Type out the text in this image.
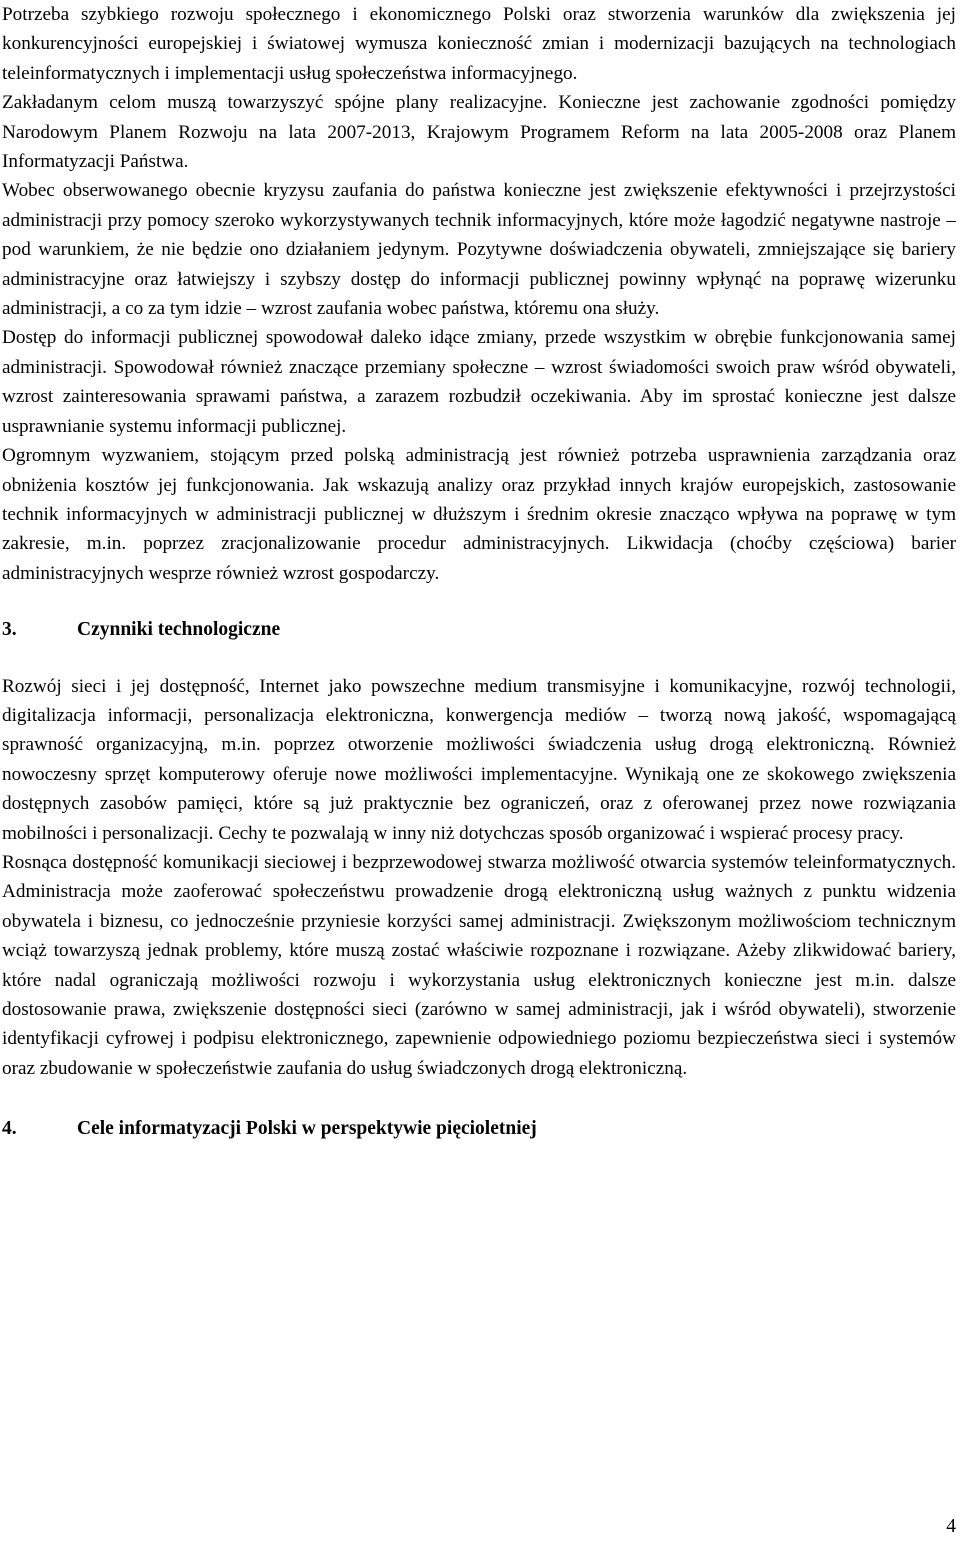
Potrzeba szybkiego rozwoju społecznego i ekonomicznego Polski oraz stworzenia warunków dla zwiększenia jej konkurencyjności europejskiej i światowej wymusza konieczność zmian i modernizacji bazujących na technologiach teleinformatycznych i implementacji usług społeczeństwa informacyjnego.

Zakładanym celom muszą towarzyszyć spójne plany realizacyjne. Konieczne jest zachowanie zgodności pomiędzy Narodowym Planem Rozwoju na lata 2007-2013, Krajowym Programem Reform na lata 2005-2008 oraz Planem Informatyzacji Państwa.

Wobec obserwowanego obecnie kryzysu zaufania do państwa konieczne jest zwiększenie efektywności i przejrzystości administracji przy pomocy szeroko wykorzystywanych technik informacyjnych, które może łagodzić negatywne nastroje – pod warunkiem, że nie będzie ono działaniem jedynym. Pozytywne doświadczenia obywateli, zmniejszające się bariery administracyjne oraz łatwiejszy i szybszy dostęp do informacji publicznej powinny wpłynąć na poprawę wizerunku administracji, a co za tym idzie – wzrost zaufania wobec państwa, któremu ona służy.

Dostęp do informacji publicznej spowodował daleko idące zmiany, przede wszystkim w obrębie funkcjonowania samej administracji. Spowodował również znaczące przemiany społeczne – wzrost świadomości swoich praw wśród obywateli, wzrost zainteresowania sprawami państwa, a zarazem rozbudził oczekiwania. Aby im sprostać konieczne jest dalsze usprawnianie systemu informacji publicznej.

Ogromnym wyzwaniem, stojącym przed polską administracją jest również potrzeba usprawnienia zarządzania oraz obniżenia kosztów jej funkcjonowania. Jak wskazują analizy oraz przykład innych krajów europejskich, zastosowanie technik informacyjnych w administracji publicznej w dłuższym i średnim okresie znacząco wpływa na poprawę w tym zakresie, m.in. poprzez zracjonalizowanie procedur administracyjnych. Likwidacja (choćby częściowa) barier administracyjnych wesprze również wzrost gospodarczy.

3.	Czynniki technologiczne

Rozwój sieci i jej dostępność, Internet jako powszechne medium transmisyjne i komunikacyjne, rozwój technologii, digitalizacja informacji, personalizacja elektroniczna, konwergencja mediów – tworzą nową jakość, wspomagającą sprawność organizacyjną, m.in. poprzez otworzenie możliwości świadczenia usług drogą elektroniczną. Również nowoczesny sprzęt komputerowy oferuje nowe możliwości implementacyjne. Wynikają one ze skokowego zwiększenia dostępnych zasobów pamięci, które są już praktycznie bez ograniczeń, oraz z oferowanej przez nowe rozwiązania mobilności i personalizacji. Cechy te pozwalają w inny niż dotychczas sposób organizować i wspierać procesy pracy.

Rosnąca dostępność komunikacji sieciowej i bezprzewodowej stwarza możliwość otwarcia systemów teleinformatycznych. Administracja może zaoferować społeczeństwu prowadzenie drogą elektroniczną usług ważnych z punktu widzenia obywatela i biznesu, co jednocześnie przyniesie korzyści samej administracji. Zwiększonym możliwościom technicznym wciąż towarzyszą jednak problemy, które muszą zostać właściwie rozpoznane i rozwiązane. Ażeby zlikwidować bariery, które nadal ograniczają możliwości rozwoju i wykorzystania usług elektronicznych konieczne jest m.in. dalsze dostosowanie prawa, zwiększenie dostępności sieci (zarówno w samej administracji, jak i wśród obywateli), stworzenie identyfikacji cyfrowej i podpisu elektronicznego, zapewnienie odpowiedniego poziomu bezpieczeństwa sieci i systemów oraz zbudowanie w społeczeństwie zaufania do usług świadczonych drogą elektroniczną.

4.	Cele informatyzacji Polski w perspektywie pięcioletniej
4
